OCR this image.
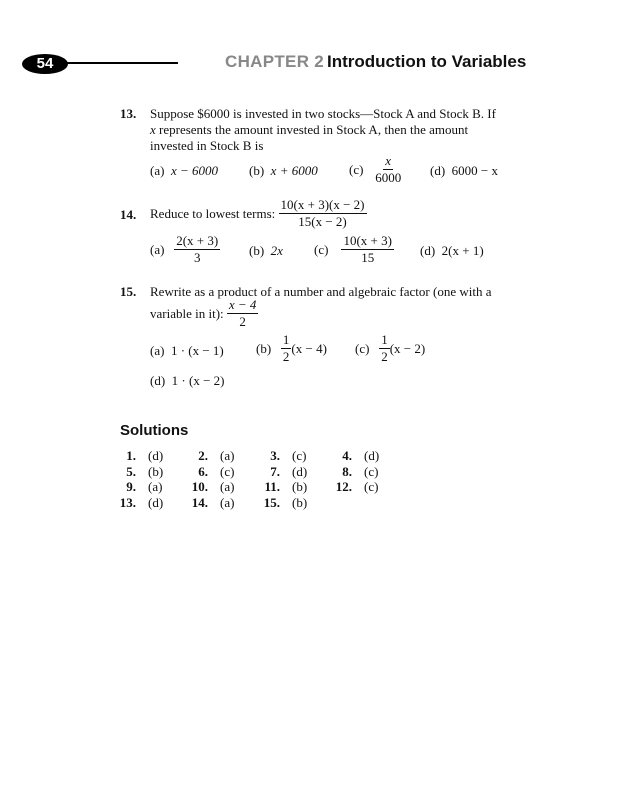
54	CHAPTER 2 Introduction to Variables
13. Suppose $6000 is invested in two stocks—Stock A and Stock B. If
x represents the amount invested in Stock A, then the amount
invested in Stock B is
(a) x − 6000 (b) x + 6000 (c)
$\frac{x}{6000} (d) 6000 - x$
14. Reduce to lowest terms:
$\frac{10(x + 3)(x - 2)}{15(x - 2)}$
(a)
$\frac{2(x + 3)}{3} (b)$ 2x (c)
$\frac{10(x + 3)}{15} (d) 2(x + 1)$
15. Rewrite as a product of a number and algebraic factor (one with a
variable in it):
$\frac{x - 4}{2}$
(a) 1 · (x − 1) (b)
$\frac{1}{2} (x - 4)$ (c)
$\frac{1}{2} (x - 2)$
(d) 1 · (x − 2)
Solutions
1. (d)	2. (a)	3. (c)	4. (d)
5. (b)	6. (c)	7. (d)	8. (c)
9. (a)	10. (a)	11. (b)	12. (c)
13. (d)	14. (a)	15. (b)
